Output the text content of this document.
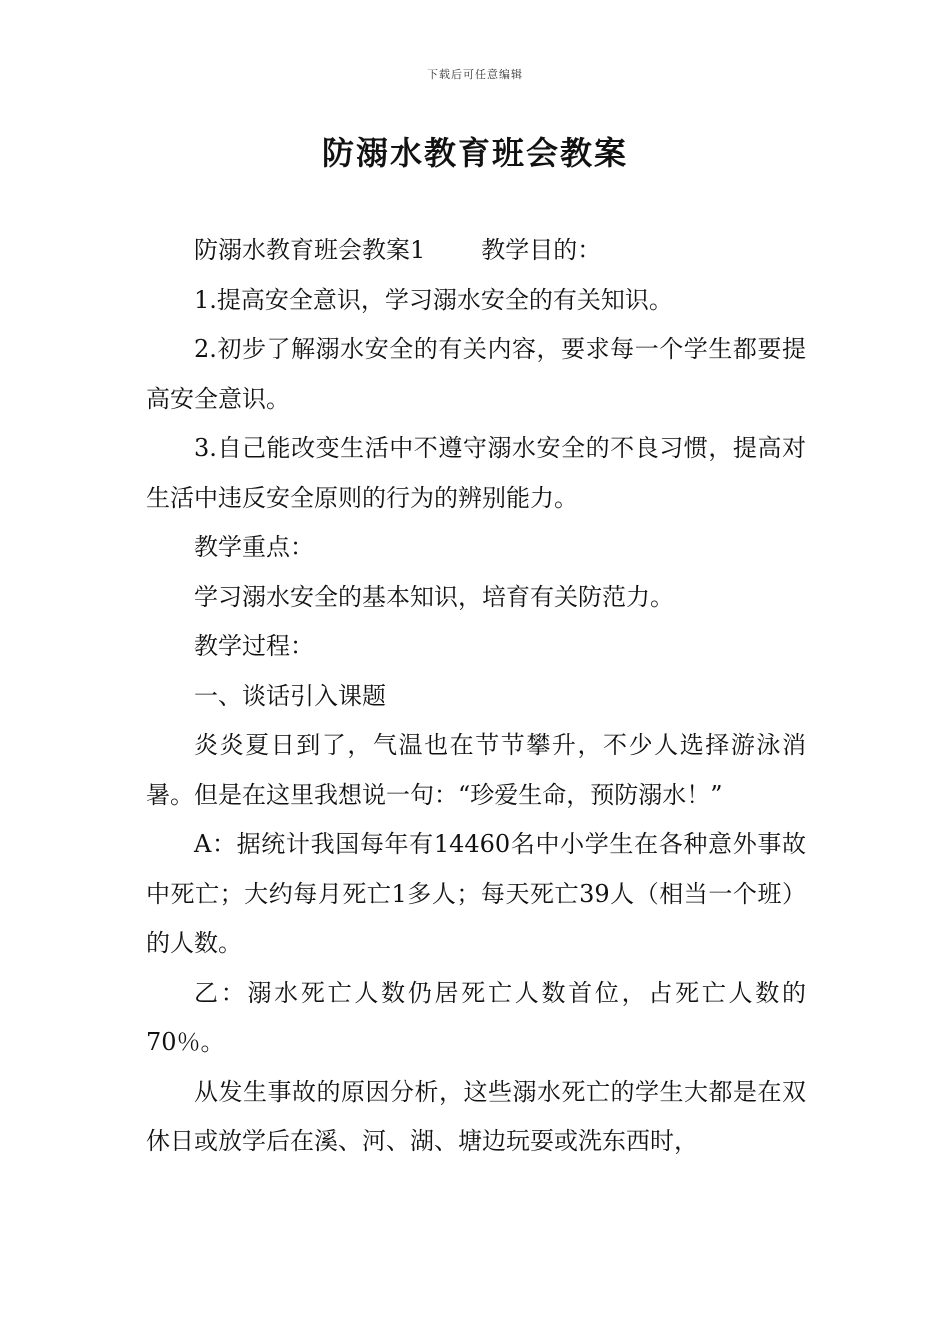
下载后可任意编辑
防溺水教育班会教案

防溺水教育班会教案1 教学目的：

1.提高安全意识，学习溺水安全的有关知识。

2.初步了解溺水安全的有关内容，要求每一个学生都要提高安全意识。

3.自己能改变生活中不遵守溺水安全的不良习惯，提高对生活中违反安全原则的行为的辨别能力。

教学重点：

学习溺水安全的基本知识，培育有关防范力。

教学过程：

一、谈话引入课题

炎炎夏日到了，气温也在节节攀升，不少人选择游泳消暑。但是在这里我想说一句：“珍爱生命，预防溺水！”

A：据统计我国每年有14460名中小学生在各种意外事故中死亡；大约每月死亡1多人；每天死亡39人（相当一个班）的人数。

乙：溺水死亡人数仍居死亡人数首位，占死亡人数的70％。

从发生事故的原因分析，这些溺水死亡的学生大都是在双休日或放学后在溪、河、湖、塘边玩耍或洗东西时，
